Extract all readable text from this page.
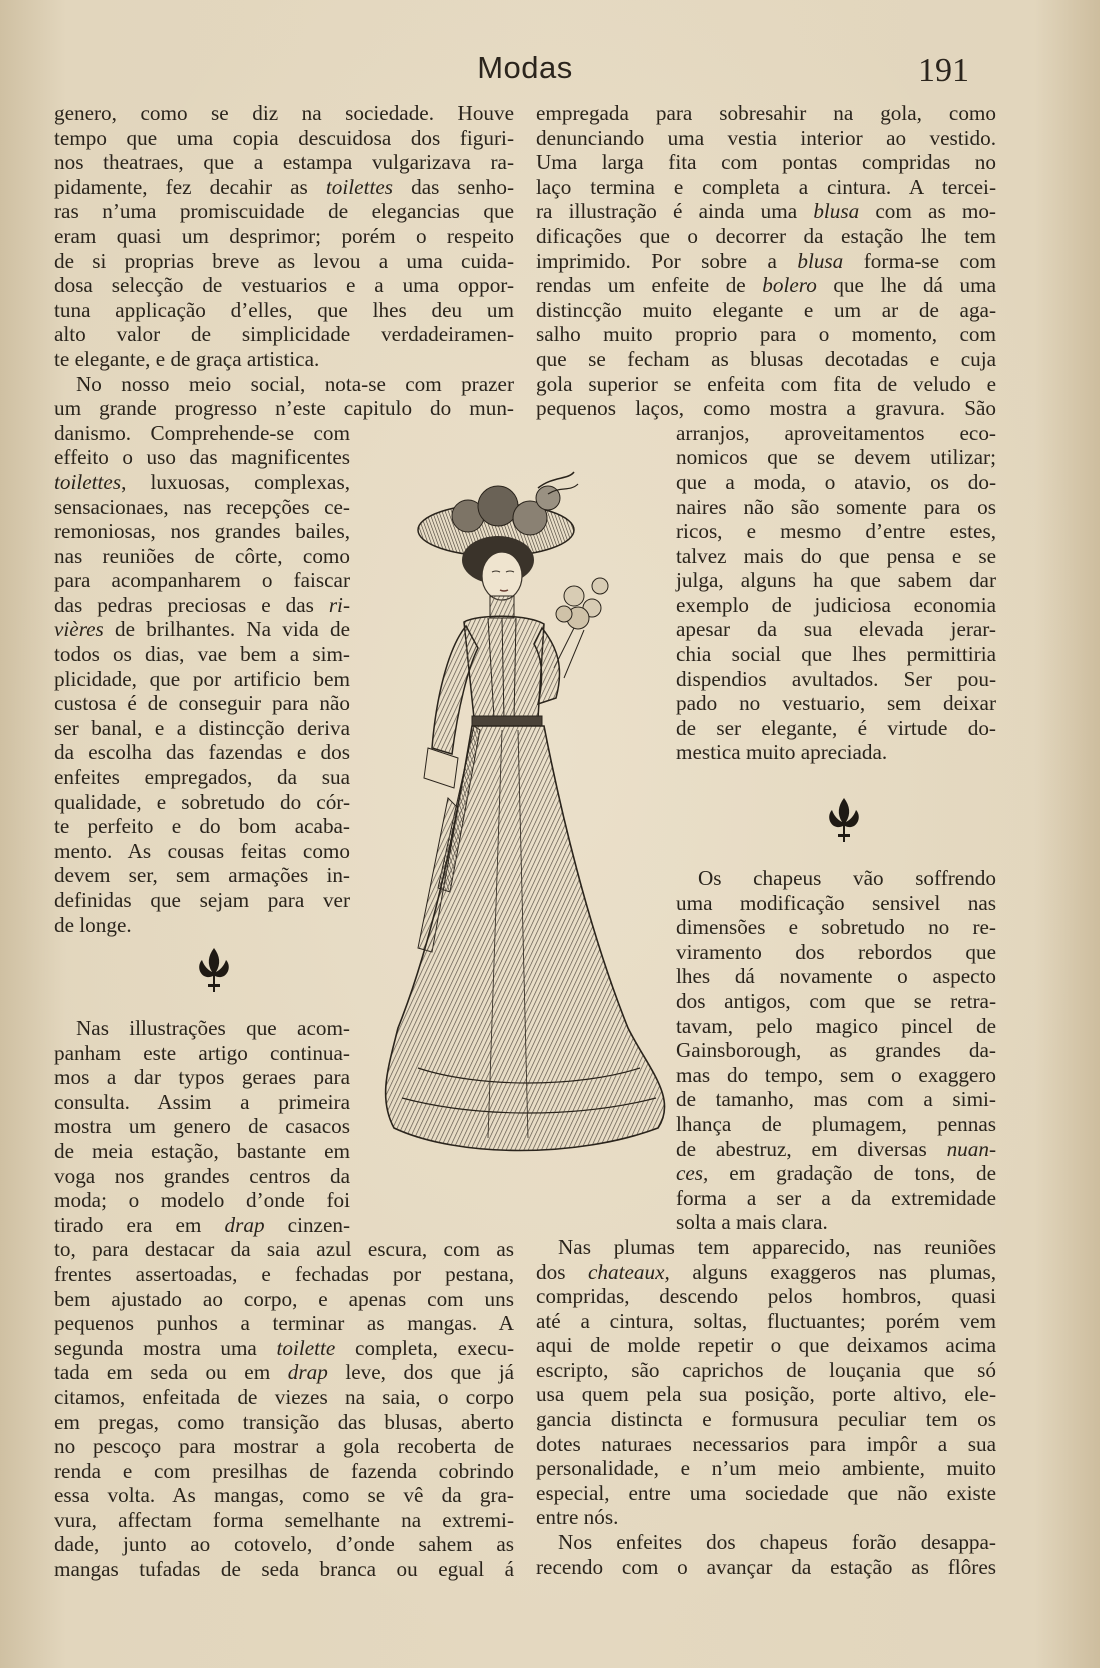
Modas	191
genero, como se diz na sociedade. Houve
tempo que uma copia descuidosa dos figuri-
nos theatraes, que a estampa vulgarizava ra-
pidamente, fez decahir as toilettes das senho-
ras n’uma promiscuidade de elegancias que
eram quasi um desprimor; porém o respeito
de si proprias breve as levou a uma cuida-
dosa selecção de vestuarios e a uma oppor-
tuna applicação d’elles, que lhes deu um
alto valor de simplicidade verdadeiramen-
te elegante, e de graça artistica.
No nosso meio social, nota-se com prazer
um grande progresso n’este capitulo do mun-
danismo. Comprehende-se com
effeito o uso das magnificentes
toilettes, luxuosas, complexas,
sensacionaes, nas recepções ce-
remoniosas, nos grandes bailes,
nas reuniões de côrte, como
para acompanharem o faiscar
das pedras preciosas e das ri-
vières de brilhantes. Na vida de
todos os dias, vae bem a sim-
plicidade, que por artificio bem
custosa é de conseguir para não
ser banal, e a distincção deriva
da escolha das fazendas e dos
enfeites empregados, da sua
qualidade, e sobretudo do cór-
te perfeito e do bom acaba-
mento. As cousas feitas como
devem ser, sem armações in-
definidas que sejam para ver
de longe.
Nas illustrações que acom-
panham este artigo continua-
mos a dar typos geraes para
consulta. Assim a primeira
mostra um genero de casacos
de meia estação, bastante em
voga nos grandes centros da
moda; o modelo d’onde foi
tirado era em drap cinzen-
to, para destacar da saia azul escura, com as
frentes assertoadas, e fechadas por pestana,
bem ajustado ao corpo, e apenas com uns
pequenos punhos a terminar as mangas. A
segunda mostra uma toilette completa, execu-
tada em seda ou em drap leve, dos que já
citamos, enfeitada de viezes na saia, o corpo
em pregas, como transição das blusas, aberto
no pescoço para mostrar a gola recoberta de
renda e com presilhas de fazenda cobrindo
essa volta. As mangas, como se vê da gra-
vura, affectam forma semelhante na extremi-
dade, junto ao cotovelo, d’onde sahem as
mangas tufadas de seda branca ou egual á
empregada para sobresahir na gola, como
denunciando uma vestia interior ao vestido.
Uma larga fita com pontas compridas no
laço termina e completa a cintura. A tercei-
ra illustração é ainda uma blusa com as mo-
dificações que o decorrer da estação lhe tem
imprimido. Por sobre a blusa forma-se com
rendas um enfeite de bolero que lhe dá uma
distincção muito elegante e um ar de aga-
salho muito proprio para o momento, com
que se fecham as blusas decotadas e cuja
gola superior se enfeita com fita de veludo e
pequenos laços, como mostra a gravura. São
arranjos, aproveitamentos eco-
nomicos que se devem utilizar;
que a moda, o atavio, os do-
naires não são somente para os
ricos, e mesmo d’entre estes,
talvez mais do que pensa e se
julga, alguns ha que sabem dar
exemplo de judiciosa economia
apesar da sua elevada jerar-
chia social que lhes permittiria
dispendios avultados. Ser pou-
pado no vestuario, sem deixar
de ser elegante, é virtude do-
mestica muito apreciada.
Os chapeus vão soffrendo
uma modificação sensivel nas
dimensões e sobretudo no re-
viramento dos rebordos que
lhes dá novamente o aspecto
dos antigos, com que se retra-
tavam, pelo magico pincel de
Gainsborough, as grandes da-
mas do tempo, sem o exaggero
de tamanho, mas com a simi-
lhança de plumagem, pennas
de abestruz, em diversas nuan-
ces, em gradação de tons, de
forma a ser a da extremidade
solta a mais clara.
Nas plumas tem apparecido, nas reuniões
dos chateaux, alguns exaggeros nas plumas,
compridas, descendo pelos hombros, quasi
até a cintura, soltas, fluctuantes; porém vem
aqui de molde repetir o que deixamos acima
escripto, são caprichos de louçania que só
usa quem pela sua posição, porte altivo, ele-
gancia distincta e formusura peculiar tem os
dotes naturaes necessarios para impôr a sua
personalidade, e n’um meio ambiente, muito
especial, entre uma sociedade que não existe
entre nós.
Nos enfeites dos chapeus forão desappa-
recendo com o avançar da estação as flôres
